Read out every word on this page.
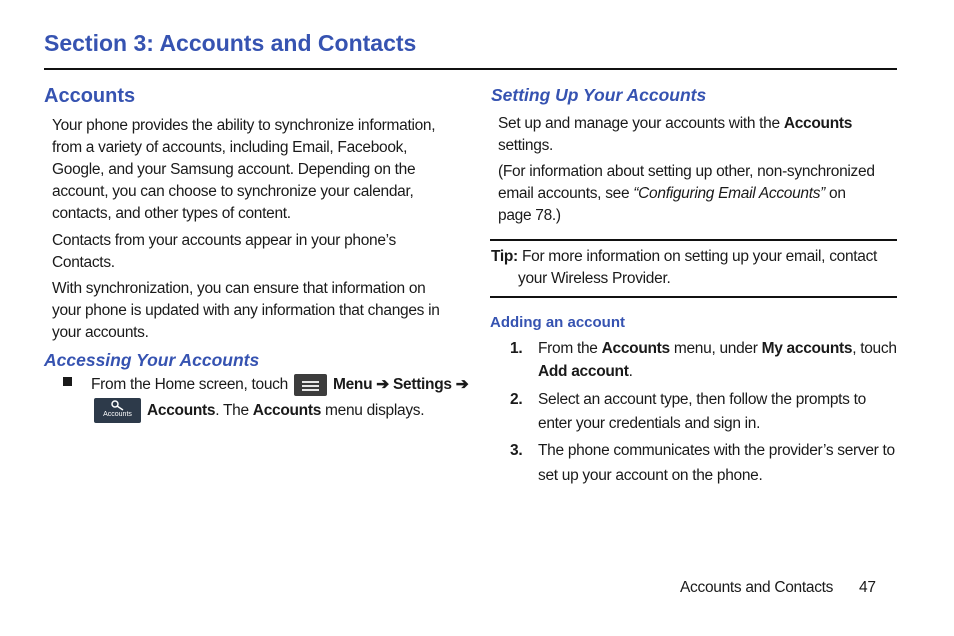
Section 3: Accounts and Contacts
Accounts
Your phone provides the ability to synchronize information,
from a variety of accounts, including Email, Facebook,
Google, and your Samsung account. Depending on the
account, you can choose to synchronize your calendar,
contacts, and other types of content.
Contacts from your accounts appear in your phone’s
Contacts.
With synchronization, you can ensure that information on
your phone is updated with any information that changes in
your accounts.
Accessing Your Accounts
From the Home screen, touch	Menu ➔ Settings ➔
Accounts Accounts. The Accounts menu displays.
Setting Up Your Accounts
Set up and manage your accounts with the Accounts
settings.
(For information about setting up other, non-synchronized
email accounts, see “Configuring Email Accounts” on
page 78.)
Tip: For more information on setting up your email, contact
your Wireless Provider.
Adding an account
1. From the Accounts menu, under My accounts, touch
Add account.
2. Select an account type, then follow the prompts to
enter your credentials and sign in.
3. The phone communicates with the provider’s server to
set up your account on the phone.
Accounts and Contacts 47
